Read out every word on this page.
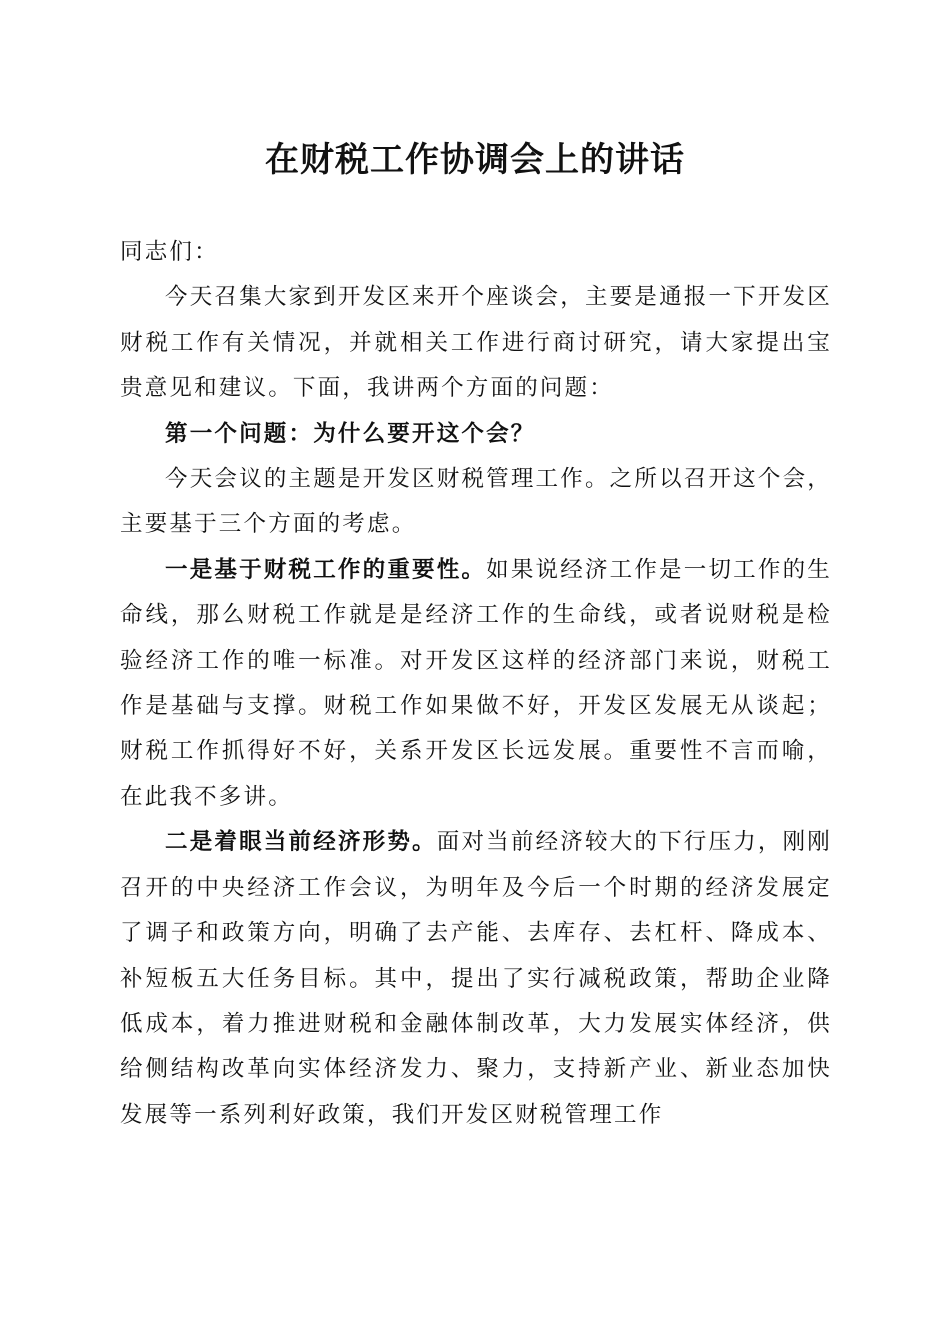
在财税工作协调会上的讲话

同志们：

今天召集大家到开发区来开个座谈会，主要是通报一下开发区财税工作有关情况，并就相关工作进行商讨研究，请大家提出宝贵意见和建议。下面，我讲两个方面的问题：

第一个问题：为什么要开这个会？

今天会议的主题是开发区财税管理工作。之所以召开这个会，主要基于三个方面的考虑。

一是基于财税工作的重要性。如果说经济工作是一切工作的生命线，那么财税工作就是是经济工作的生命线，或者说财税是检验经济工作的唯一标准。对开发区这样的经济部门来说，财税工作是基础与支撑。财税工作如果做不好，开发区发展无从谈起；财税工作抓得好不好，关系开发区长远发展。重要性不言而喻，在此我不多讲。

二是着眼当前经济形势。面对当前经济较大的下行压力，刚刚召开的中央经济工作会议，为明年及今后一个时期的经济发展定了调子和政策方向，明确了去产能、去库存、去杠杆、降成本、补短板五大任务目标。其中，提出了实行减税政策，帮助企业降低成本，着力推进财税和金融体制改革，大力发展实体经济，供给侧结构改革向实体经济发力、聚力，支持新产业、新业态加快发展等一系列利好政策，我们开发区财税管理工作
